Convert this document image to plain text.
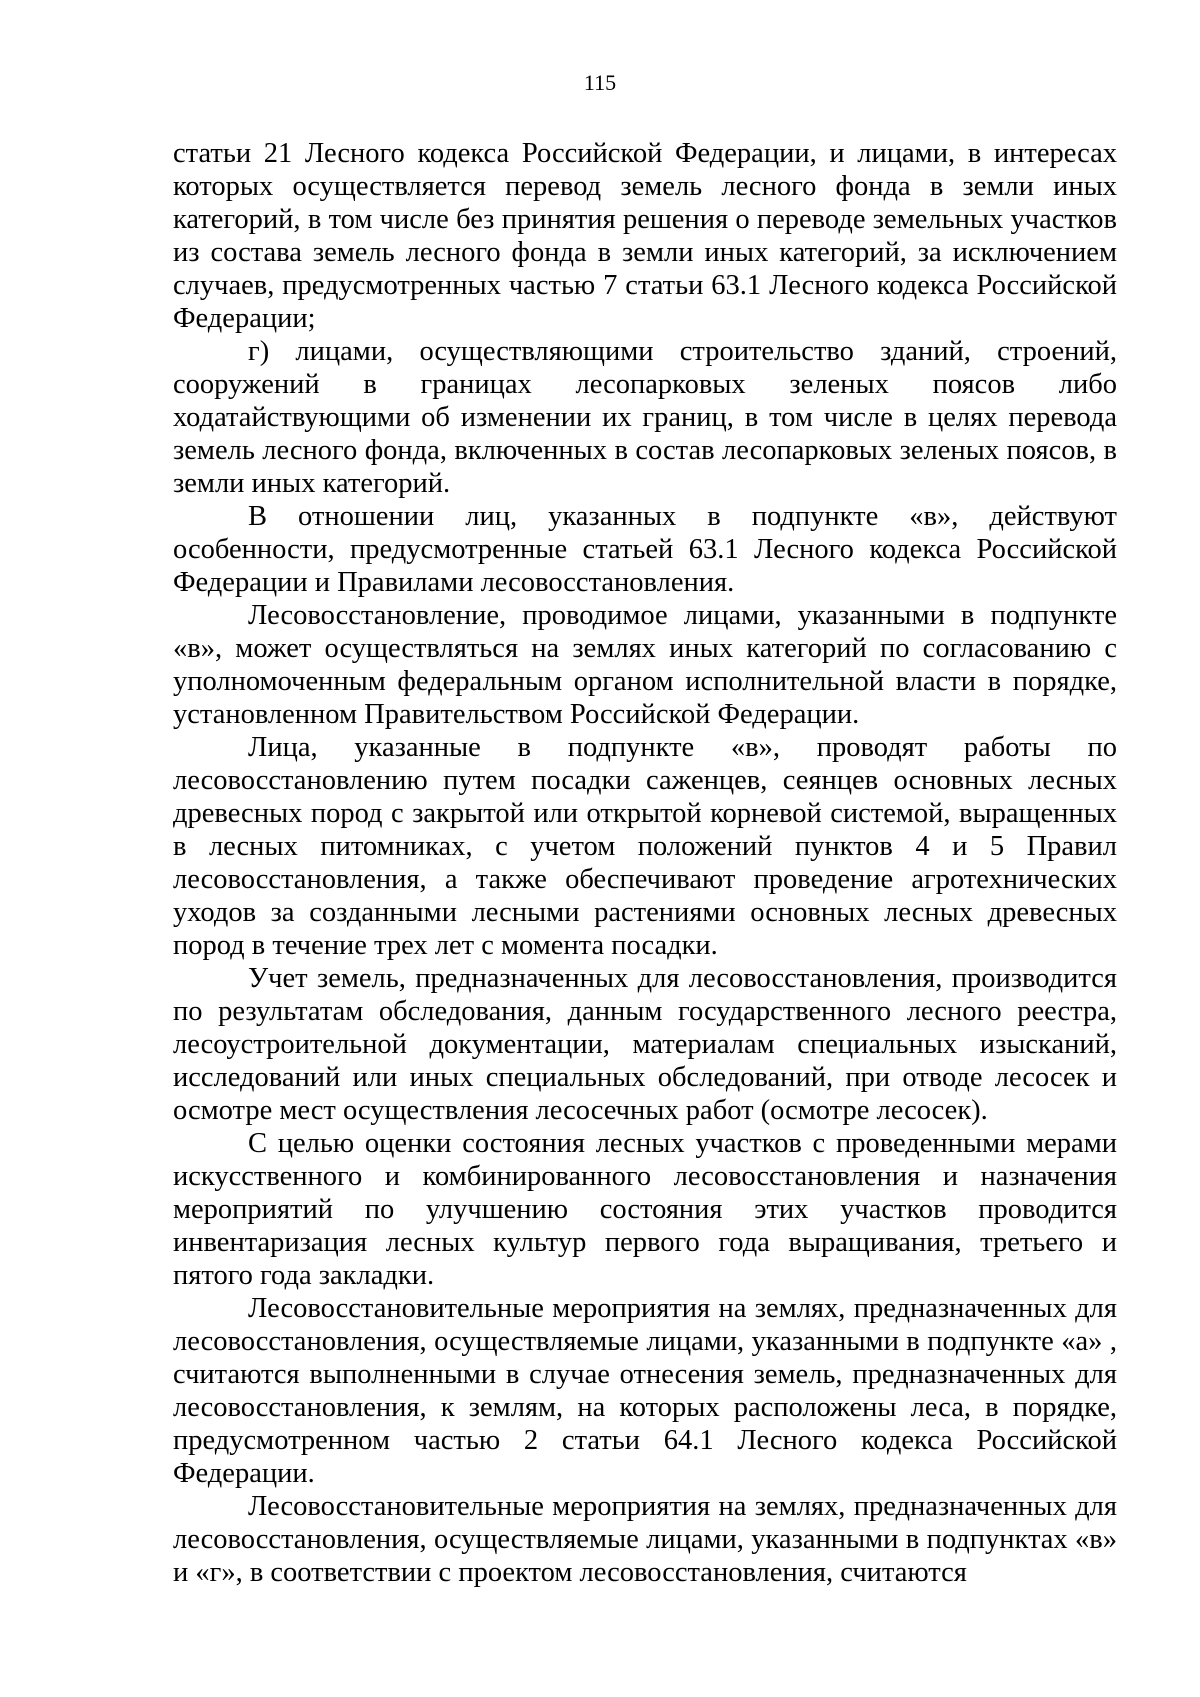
115

статьи 21 Лесного кодекса Российской Федерации, и лицами, в интересах которых осуществляется перевод земель лесного фонда в земли иных категорий, в том числе без принятия решения о переводе земельных участков из состава земель лесного фонда в земли иных категорий, за исключением случаев, предусмотренных частью 7 статьи 63.1 Лесного кодекса Российской Федерации;

г) лицами, осуществляющими строительство зданий, строений, сооружений в границах лесопарковых зеленых поясов либо ходатайствующими об изменении их границ, в том числе в целях перевода земель лесного фонда, включенных в состав лесопарковых зеленых поясов, в земли иных категорий.

В отношении лиц, указанных в подпункте «в», действуют особенности, предусмотренные статьей 63.1 Лесного кодекса Российской Федерации и Правилами лесовосстановления.

Лесовосстановление, проводимое лицами, указанными в подпункте «в», может осуществляться на землях иных категорий по согласованию с уполномоченным федеральным органом исполнительной власти в порядке, установленном Правительством Российской Федерации.

Лица, указанные в подпункте «в», проводят работы по лесовосстановлению путем посадки саженцев, сеянцев основных лесных древесных пород с закрытой или открытой корневой системой, выращенных в лесных питомниках, с учетом положений пунктов 4 и 5 Правил лесовосстановления, а также обеспечивают проведение агротехнических уходов за созданными лесными растениями основных лесных древесных пород в течение трех лет с момента посадки.

Учет земель, предназначенных для лесовосстановления, производится по результатам обследования, данным государственного лесного реестра, лесоустроительной документации, материалам специальных изысканий, исследований или иных специальных обследований, при отводе лесосек и осмотре мест осуществления лесосечных работ (осмотре лесосек).

С целью оценки состояния лесных участков с проведенными мерами искусственного и комбинированного лесовосстановления и назначения мероприятий по улучшению состояния этих участков проводится инвентаризация лесных культур первого года выращивания, третьего и пятого года закладки.

Лесовосстановительные мероприятия на землях, предназначенных для лесовосстановления, осуществляемые лицами, указанными в подпункте «а» , считаются выполненными в случае отнесения земель, предназначенных для лесовосстановления, к землям, на которых расположены леса, в порядке, предусмотренном частью 2 статьи 64.1 Лесного кодекса Российской Федерации.

Лесовосстановительные мероприятия на землях, предназначенных для лесовосстановления, осуществляемые лицами, указанными в подпунктах «в» и «г», в соответствии с проектом лесовосстановления, считаются
